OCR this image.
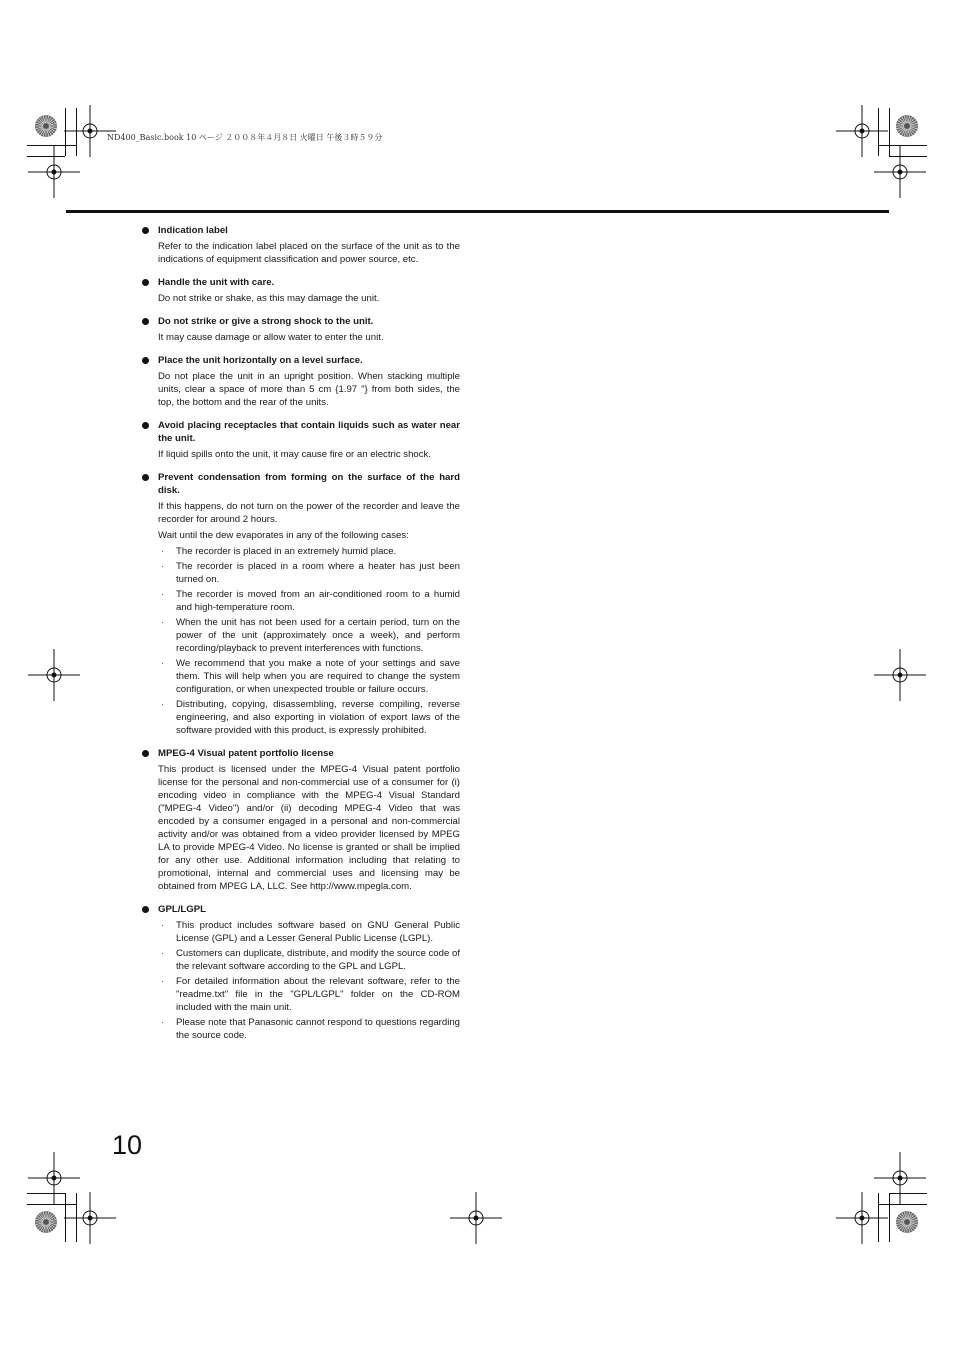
ND400_Basic.book 10 ページ ２００８年４月８日 火曜日 午後３時５９分
Indication label

Refer to the indication label placed on the surface of the unit as to the indications of equipment classification and power source, etc.

Handle the unit with care.

Do not strike or shake, as this may damage the unit.

Do not strike or give a strong shock to the unit.

It may cause damage or allow water to enter the unit.

Place the unit horizontally on a level surface.

Do not place the unit in an upright position. When stacking multiple units, clear a space of more than 5 cm {1.97 "} from both sides, the top, the bottom and the rear of the units.

Avoid placing receptacles that contain liquids such as water near the unit.

If liquid spills onto the unit, it may cause fire or an electric shock.

Prevent condensation from forming on the surface of the hard disk.

If this happens, do not turn on the power of the recorder and leave the recorder for around 2 hours.

Wait until the dew evaporates in any of the following cases:

· The recorder is placed in an extremely humid place.
· The recorder is placed in a room where a heater has just been turned on.
· The recorder is moved from an air-conditioned room to a humid and high-temperature room.
· When the unit has not been used for a certain period, turn on the power of the unit (approximately once a week), and perform recording/playback to prevent interferences with functions.
· We recommend that you make a note of your settings and save them. This will help when you are required to change the system configuration, or when unexpected trouble or failure occurs.
· Distributing, copying, disassembling, reverse compiling, reverse engineering, and also exporting in violation of export laws of the software provided with this product, is expressly prohibited.
MPEG-4 Visual patent portfolio license

This product is licensed under the MPEG-4 Visual patent portfolio license for the personal and non-commercial use of a consumer for (i) encoding video in compliance with the MPEG-4 Visual Standard ("MPEG-4 Video") and/or (ii) decoding MPEG-4 Video that was encoded by a consumer engaged in a personal and non-commercial activity and/or was obtained from a video provider licensed by MPEG LA to provide MPEG-4 Video. No license is granted or shall be implied for any other use. Additional information including that relating to promotional, internal and commercial uses and licensing may be obtained from MPEG LA, LLC. See http://www.mpegla.com.

GPL/LGPL
· This product includes software based on GNU General Public License (GPL) and a Lesser General Public License (LGPL).
· Customers can duplicate, distribute, and modify the source code of the relevant software according to the GPL and LGPL.
· For detailed information about the relevant software, refer to the "readme.txt" file in the "GPL/LGPL" folder on the CD-ROM included with the main unit.
· Please note that Panasonic cannot respond to questions regarding the source code.
10
